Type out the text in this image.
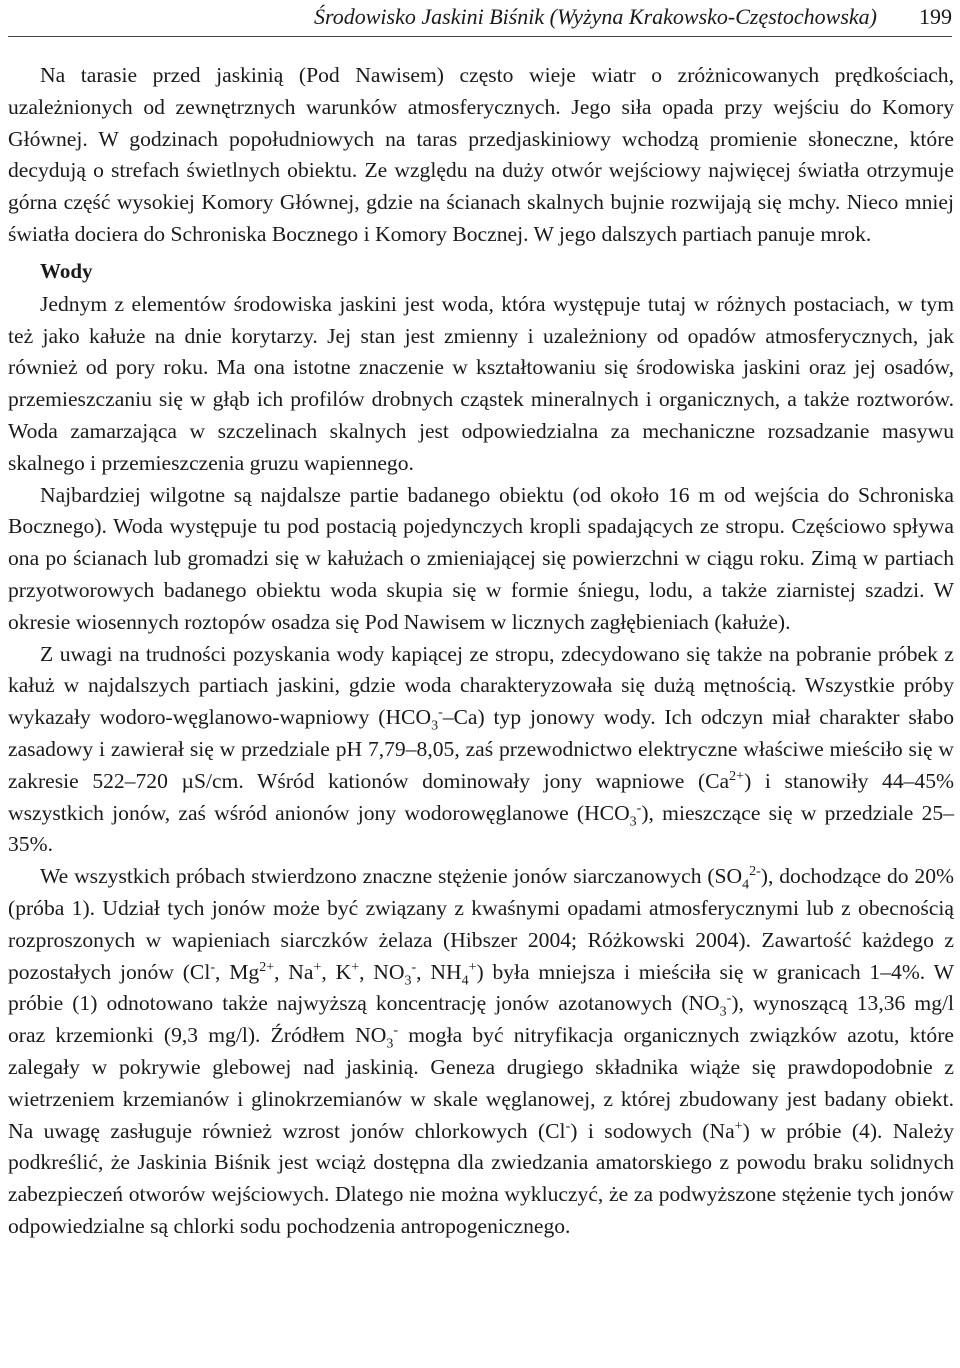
Środowisko Jaskini Biśnik (Wyżyna Krakowsko-Częstochowska) 199

Na tarasie przed jaskinią (Pod Nawisem) często wieje wiatr o zróżnicowanych prędkościach, uzależnionych od zewnętrznych warunków atmosferycznych. Jego siła opada przy wejściu do Komory Głównej. W godzinach popołudniowych na taras przedjaskiniowy wchodzą promienie słoneczne, które decydują o strefach świetlnych obiektu. Ze względu na duży otwór wejściowy najwięcej światła otrzymuje górna część wysokiej Komory Głównej, gdzie na ścianach skalnych bujnie rozwijają się mchy. Nieco mniej światła dociera do Schroniska Bocznego i Komory Bocznej. W jego dalszych partiach panuje mrok.

Wody

Jednym z elementów środowiska jaskini jest woda, która występuje tutaj w różnych postaciach, w tym też jako kałuże na dnie korytarzy. Jej stan jest zmienny i uzależniony od opadów atmosferycznych, jak również od pory roku. Ma ona istotne znaczenie w kształtowaniu się środowiska jaskini oraz jej osadów, przemieszczaniu się w głąb ich profilów drobnych cząstek mineralnych i organicznych, a także roztworów. Woda zamarzająca w szczelinach skalnych jest odpowiedzialna za mechaniczne rozsadzanie masywu skalnego i przemieszczenia gruzu wapiennego.

Najbardziej wilgotne są najdalsze partie badanego obiektu (od około 16 m od wejścia do Schroniska Bocznego). Woda występuje tu pod postacią pojedynczych kropli spadających ze stropu. Częściowo spływa ona po ścianach lub gromadzi się w kałużach o zmieniającej się powierzchni w ciągu roku. Zimą w partiach przyotworowych badanego obiektu woda skupia się w formie śniegu, lodu, a także ziarnistej szadzi. W okresie wiosennych roztopów osadza się Pod Nawisem w licznych zagłębieniach (kałuże).

Z uwagi na trudności pozyskania wody kapiącej ze stropu, zdecydowano się także na pobranie próbek z kałuż w najdalszych partiach jaskini, gdzie woda charakteryzowała się dużą mętnością. Wszystkie próby wykazały wodoro-węglanowo-wapniowy $(HCO_3^--Ca)$ typ jonowy wody. Ich odczyn miał charakter słabo zasadowy i zawierał się w przedziale pH 7,79–8,05, zaś przewodnictwo elektryczne właściwe mieściło się w zakresie 522–720 µS/cm. Wśród kationów dominowały jony wapniowe $(Ca^{2+})$ i stanowiły 44–45% wszystkich jonów, zaś wśród anionów jony wodorowęglanowe $(HCO_3^-)$, mieszczące się w przedziale 25–35%.

We wszystkich próbach stwierdzono znaczne stężenie jonów siarczanowych $(SO_4^{2-})$, dochodzące do 20% (próba 1). Udział tych jonów może być związany z kwaśnymi opadami atmosferycznymi lub z obecnością rozproszonych w wapieniach siarczków żelaza (Hibszer 2004; Różkowski 2004). Zawartość każdego z pozostałych jonów (Cl-, $Mg^{2+}$, Na+, K+, $NO_3^-$, $NH_4^+$) była mniejsza i mieściła się w granicach 1–4%. W próbie (1) odnotowano także najwyższą koncentrację jonów azotanowych $(NO_3^-)$, wynoszącą 13,36 mg/l oraz krzemionki (9,3 mg/l). Źródłem $NO_3^-$ mogła być nitryfikacja organicznych związków azotu, które zalegały w pokrywie glebowej nad jaskinią. Geneza drugiego składnika wiąże się prawdopodobnie z wietrzeniem krzemianów i glinokrzemianów w skale węglanowej, z której zbudowany jest badany obiekt. Na uwagę zasługuje również wzrost jonów chlorkowych (Cl-) i sodowych (Na+) w próbie (4). Należy podkreślić, że Jaskinia Biśnik jest wciąż dostępna dla zwiedzania amatorskiego z powodu braku solidnych zabezpieczeń otworów wejściowych. Dlatego nie można wykluczyć, że za podwyższone stężenie tych jonów odpowiedzialne są chlorki sodu pochodzenia antropogenicznego.
